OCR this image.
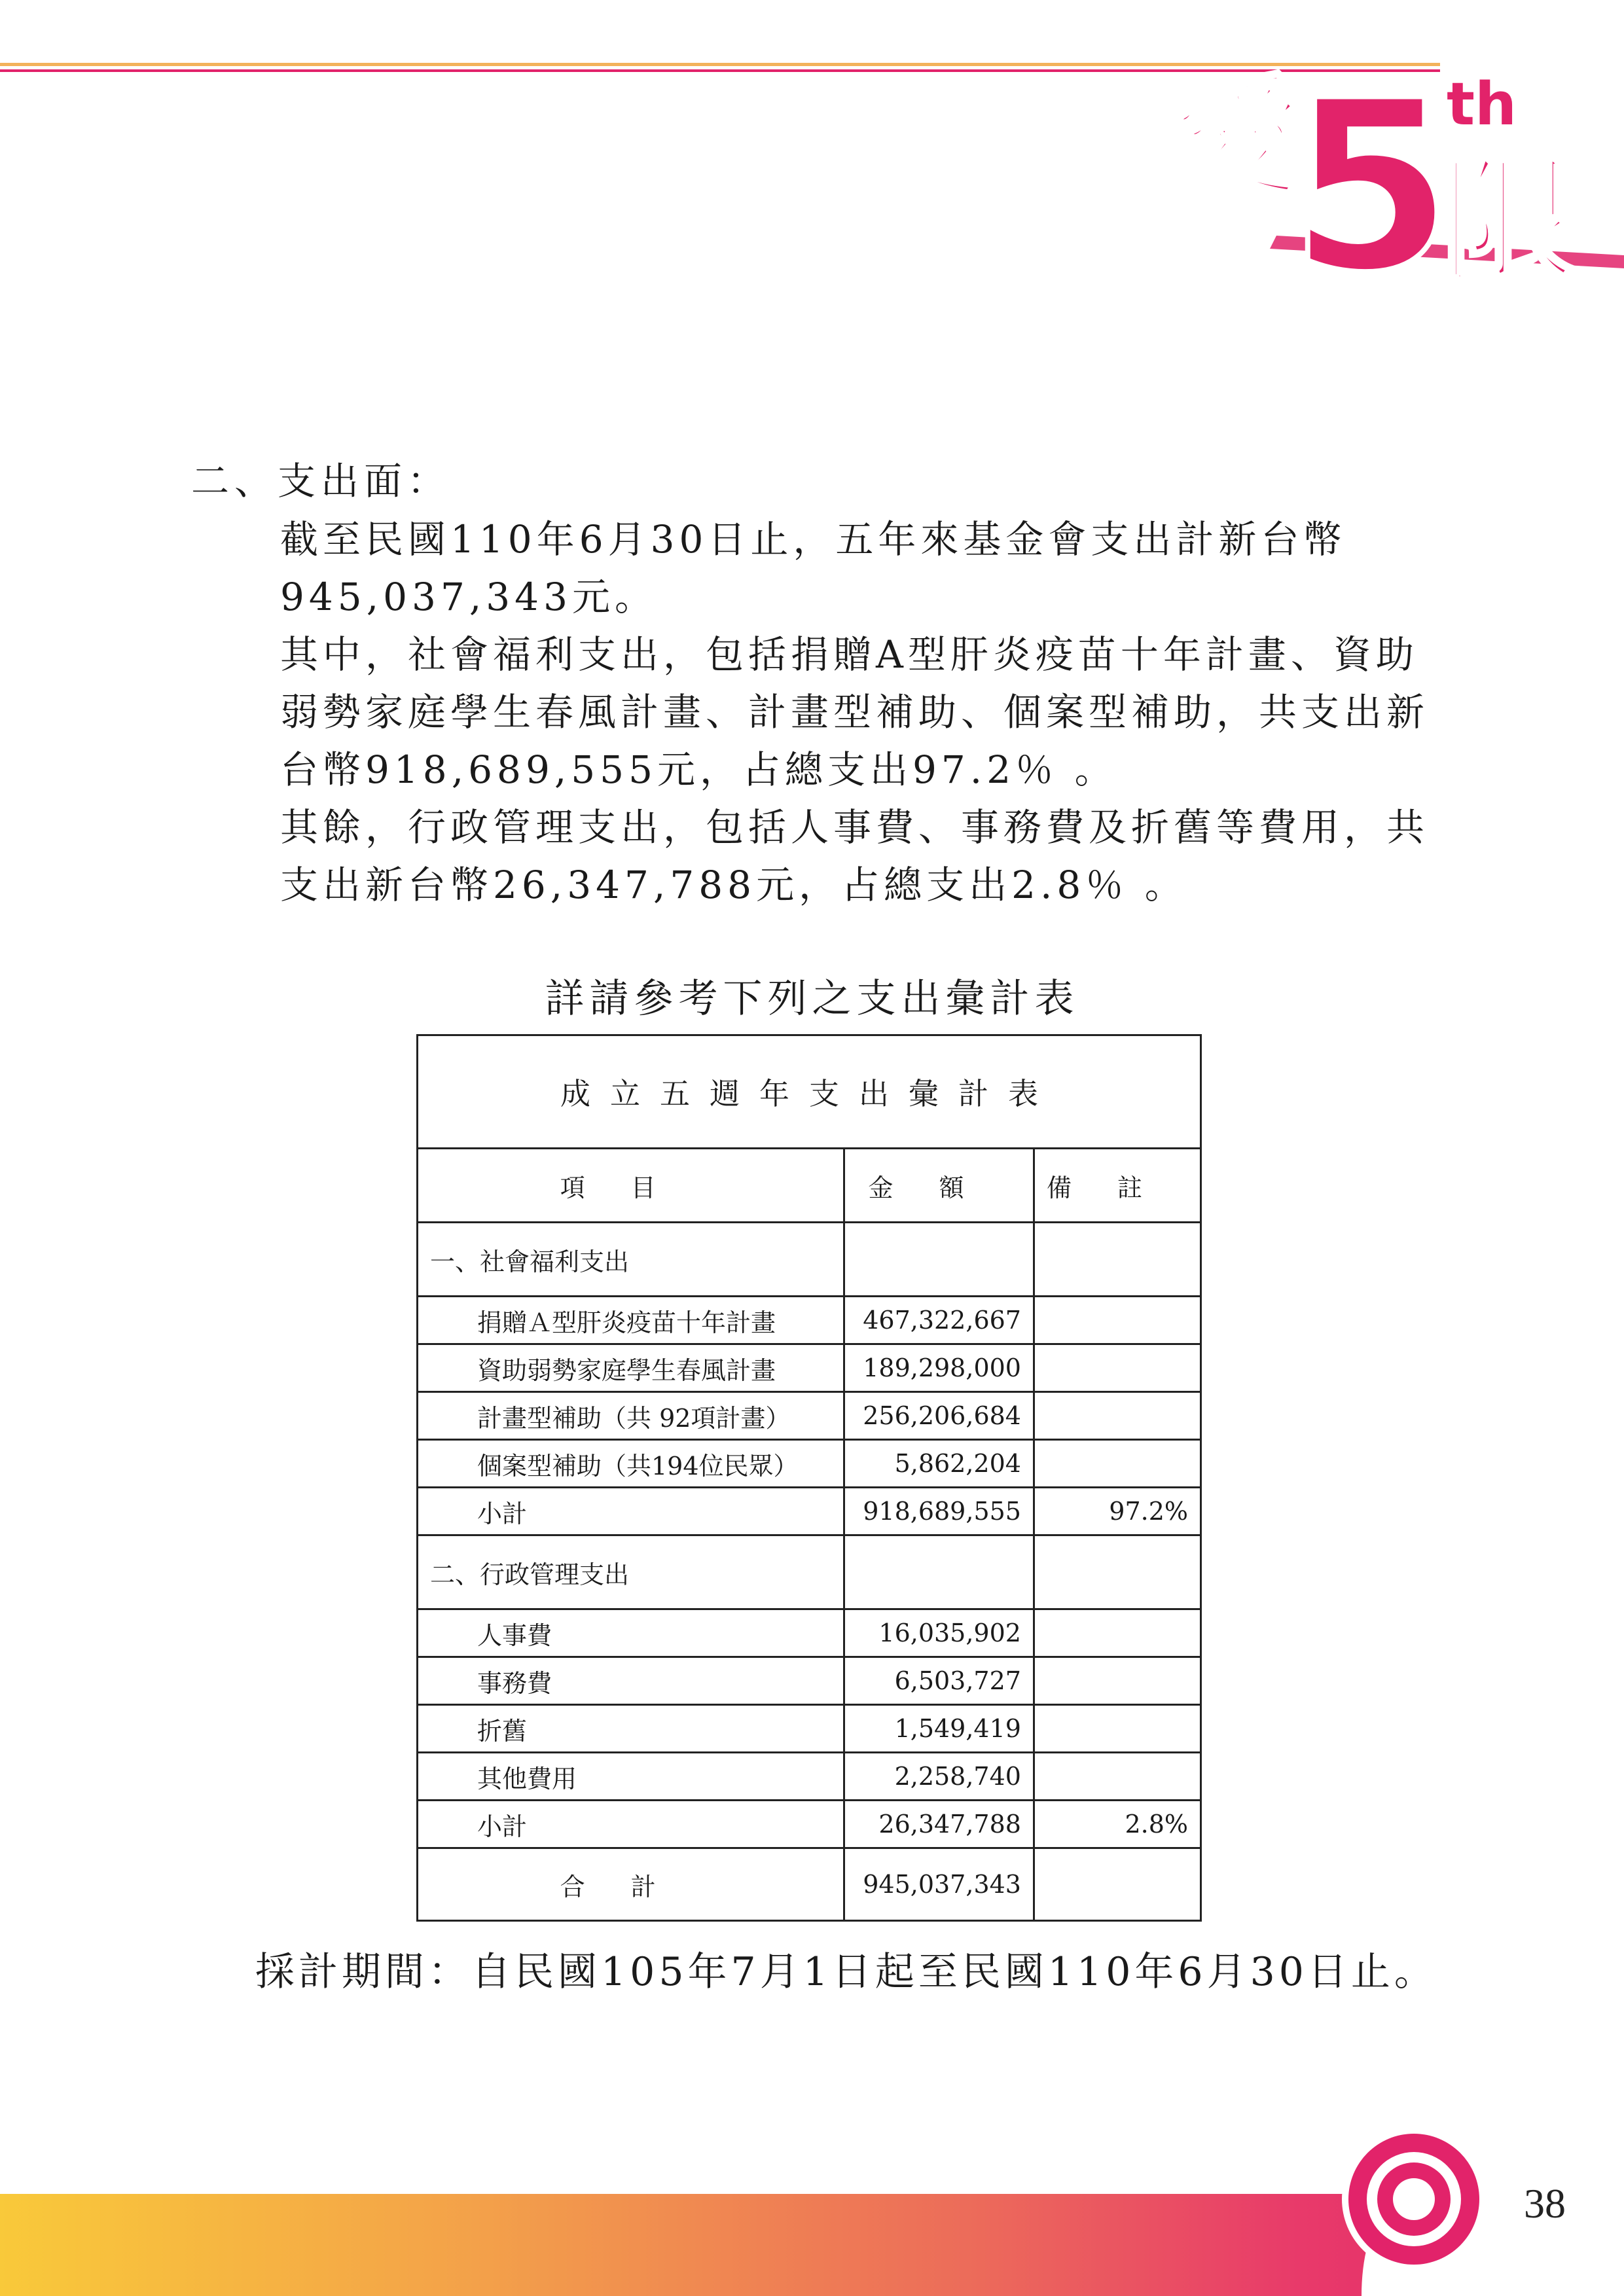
愛
5
th
限
二、支出面：

截至民國110年6月30日止，五年來基金會支出計新台幣945,037,343元。

其中，社會福利支出，包括捐贈A型肝炎疫苗十年計畫、資助弱勢家庭學生春風計畫、計畫型補助、個案型補助，共支出新台幣918,689,555元，占總支出97.2％ 。

其餘，行政管理支出，包括人事費、事務費及折舊等費用，共支出新台幣26,347,788元，占總支出2.8％ 。

詳請參考下列之支出彙計表
成立五週年支出彙計表		
項目	金額	備註
一、社會福利支出		
捐贈Ａ型肝炎疫苗十年計畫	467,322,667	
資助弱勢家庭學生春風計畫	189,298,000	
計畫型補助（共 92項計畫）	256,206,684	
個案型補助（共194位民眾）	5,862,204	
小計	918,689,555	97.2%
二、行政管理支出		
人事費	16,035,902	
事務費	6,503,727	
折舊	1,549,419	
其他費用	2,258,740	
小計	26,347,788	2.8%
合計	945,037,343	
採計期間：自民國105年7月1日起至民國110年6月30日止。
38
